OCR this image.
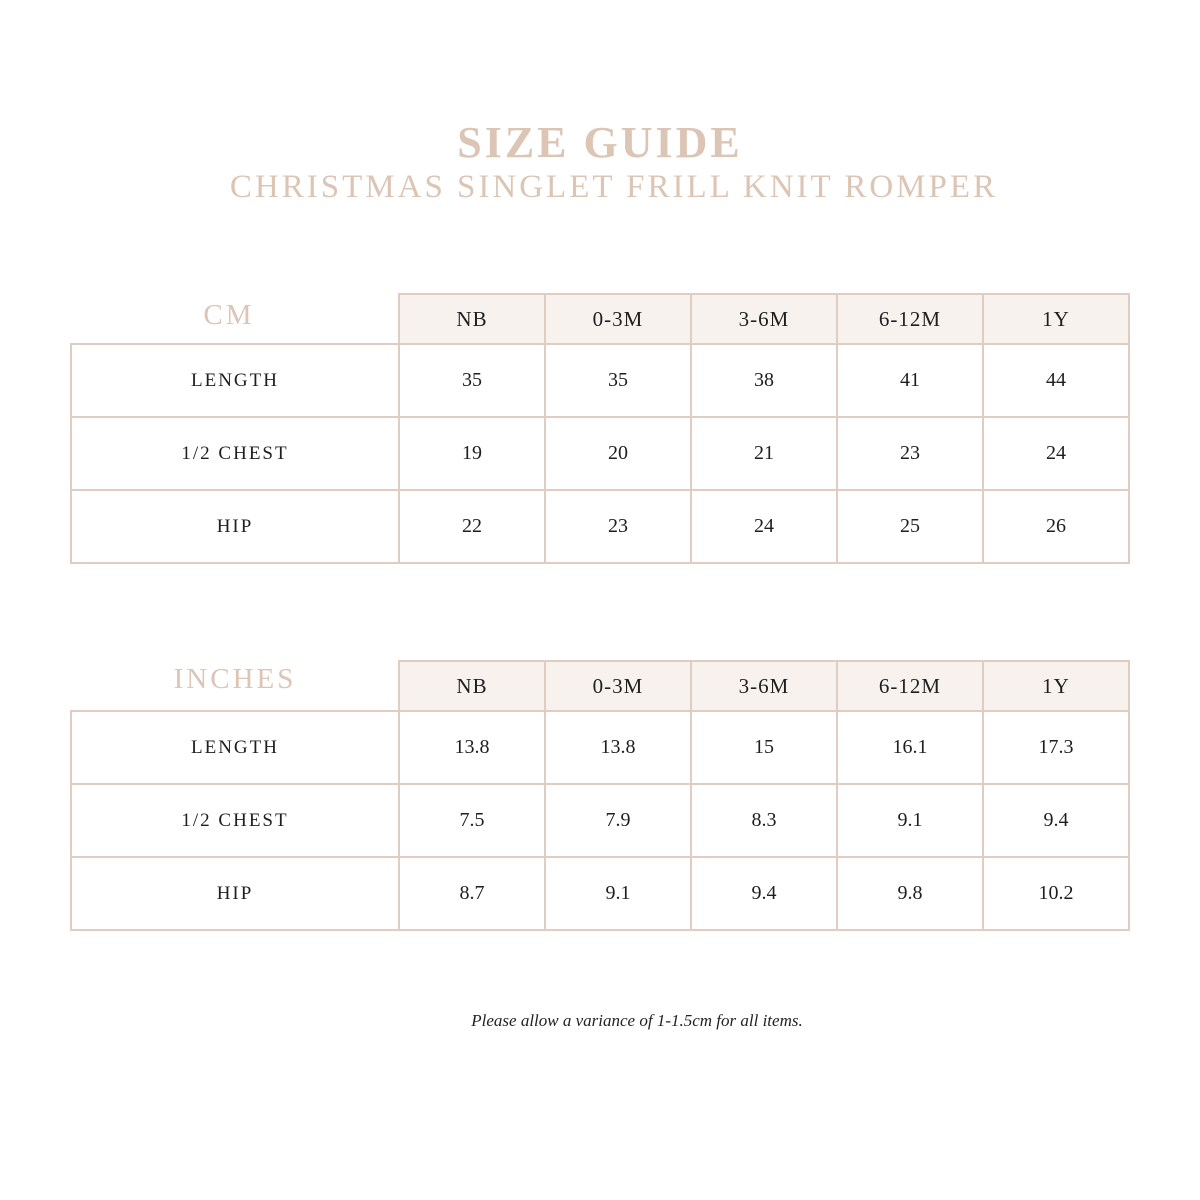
SIZE GUIDE
CHRISTMAS SINGLET FRILL KNIT ROMPER
CM	NB	0-3M	3-6M	6-12M	1Y
LENGTH	35	35	38	41	44
1/2 CHEST	19	20	21	23	24
HIP	22	23	24	25	26
INCHES	NB	0-3M	3-6M	6-12M	1Y
LENGTH	13.8	13.8	15	16.1	17.3
1/2 CHEST	7.5	7.9	8.3	9.1	9.4
HIP	8.7	9.1	9.4	9.8	10.2
Please allow a variance of 1-1.5cm for all items.
